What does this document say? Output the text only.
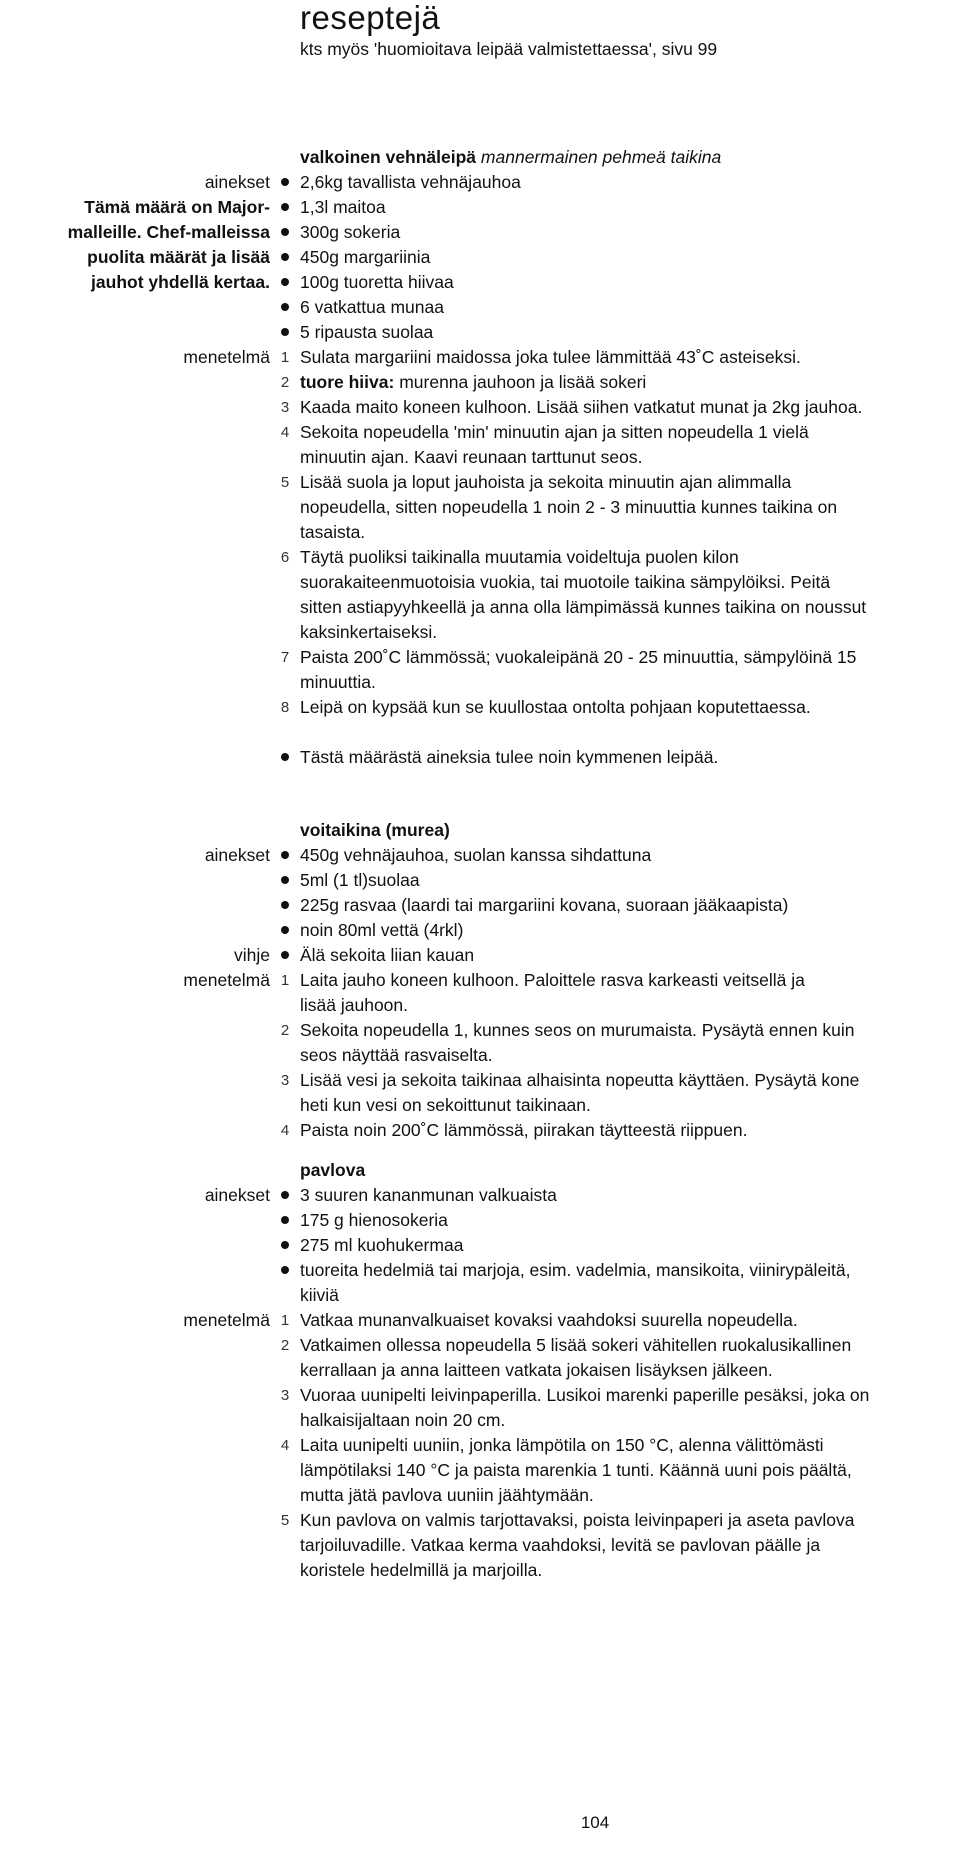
reseptejä
kts myös 'huomioitava leipää valmistettaessa', sivu 99
valkoinen vehnäleipä mannermainen pehmeä taikina
ainekset 2,6kg tavallista vehnäjauhoa
Tämä määrä on Major- 1,3l maitoa
malleille. Chef-malleissa 300g sokeria
puolita määrät ja lisää 450g margariinia
jauhot yhdellä kertaa. 100g tuoretta hiivaa
6 vatkattua munaa
5 ripausta suolaa
menetelmä 1 Sulata margariini maidossa joka tulee lämmittää 43˚C asteiseksi.
2 tuore hiiva: murenna jauhoon ja lisää sokeri
3 Kaada maito koneen kulhoon. Lisää siihen vatkatut munat ja 2kg jauhoa.
4 Sekoita nopeudella 'min' minuutin ajan ja sitten nopeudella 1 vielä
minuutin ajan. Kaavi reunaan tarttunut seos.
5 Lisää suola ja loput jauhoista ja sekoita minuutin ajan alimmalla
nopeudella, sitten nopeudella 1 noin 2 - 3 minuuttia kunnes taikina on
tasaista.
6 Täytä puoliksi taikinalla muutamia voideltuja puolen kilon
suorakaiteenmuotoisia vuokia, tai muotoile taikina sämpylöiksi. Peitä
sitten astiapyyhkeellä ja anna olla lämpimässä kunnes taikina on noussut
kaksinkertaiseksi.
7 Paista 200˚C lämmössä; vuokaleipänä 20 - 25 minuuttia, sämpylöinä 15
minuuttia.
8 Leipä on kypsää kun se kuullostaa ontolta pohjaan koputettaessa.
Tästä määrästä aineksia tulee noin kymmenen leipää.
voitaikina (murea)
ainekset 450g vehnäjauhoa, suolan kanssa sihdattuna
5ml (1 tl)suolaa
225g rasvaa (laardi tai margariini kovana, suoraan jääkaapista)
noin 80ml vettä (4rkl)
vihje Älä sekoita liian kauan
menetelmä 1 Laita jauho koneen kulhoon. Paloittele rasva karkeasti veitsellä ja
lisää jauhoon.
2 Sekoita nopeudella 1, kunnes seos on murumaista. Pysäytä ennen kuin
seos näyttää rasvaiselta.
3 Lisää vesi ja sekoita taikinaa alhaisinta nopeutta käyttäen. Pysäytä kone
heti kun vesi on sekoittunut taikinaan.
4 Paista noin 200˚C lämmössä, piirakan täytteestä riippuen.
pavlova
ainekset 3 suuren kananmunan valkuaista
175 g hienosokeria
275 ml kuohukermaa
tuoreita hedelmiä tai marjoja, esim. vadelmia, mansikoita, viinirypäleitä,
kiiviä
menetelmä 1 Vatkaa munanvalkuaiset kovaksi vaahdoksi suurella nopeudella.
2 Vatkaimen ollessa nopeudella 5 lisää sokeri vähitellen ruokalusikallinen
kerrallaan ja anna laitteen vatkata jokaisen lisäyksen jälkeen.
3 Vuoraa uunipelti leivinpaperilla. Lusikoi marenki paperille pesäksi, joka on
halkaisijaltaan noin 20 cm.
4 Laita uunipelti uuniin, jonka lämpötila on 150 °C, alenna välittömästi
lämpötilaksi 140 °C ja paista marenkia 1 tunti. Käännä uuni pois päältä,
mutta jätä pavlova uuniin jäähtymään.
5 Kun pavlova on valmis tarjottavaksi, poista leivinpaperi ja aseta pavlova
tarjoiluvadille. Vatkaa kerma vaahdoksi, levitä se pavlovan päälle ja
koristele hedelmillä ja marjoilla.
104
